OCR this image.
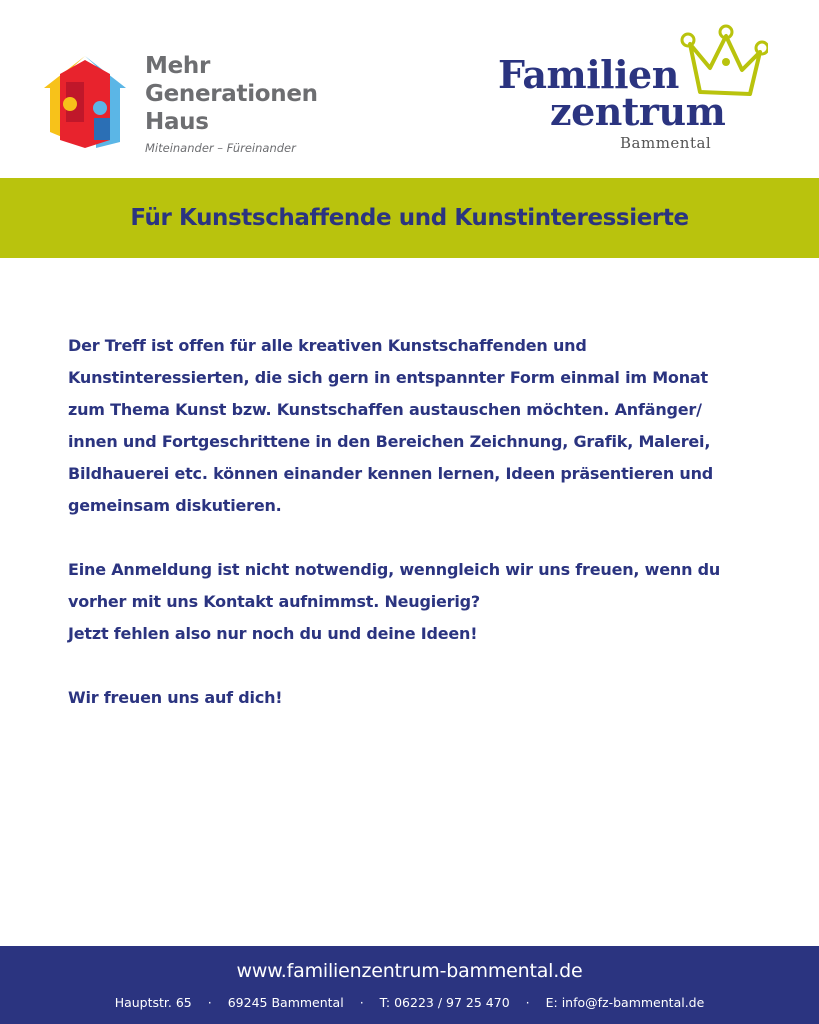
Mehr
Generationen
Haus
Miteinander – Füreinander
Familien
zentrum
Bammental
Für Kunstschaffende und Kunstinteressierte

Der Treff ist offen für alle kreativen Kunstschaffenden und
Kunstinteressierten, die sich gern in entspannter Form einmal im Monat
zum Thema Kunst bzw. Kunstschaffen austauschen möchten. Anfänger/
innen und Fortgeschrittene in den Bereichen Zeichnung, Grafik, Malerei,
Bildhauerei etc. können einander kennen lernen, Ideen präsentieren und
gemeinsam diskutieren.

Eine Anmeldung ist nicht notwendig, wenngleich wir uns freuen, wenn du
vorher mit uns Kontakt aufnimmst. Neugierig?
Jetzt fehlen also nur noch du und deine Ideen!

Wir freuen uns auf dich!

www.familienzentrum-bammental.de
Hauptstr. 65 · 69245 Bammental · T: 06223 / 97 25 470 · E: info@fz-bammental.de
